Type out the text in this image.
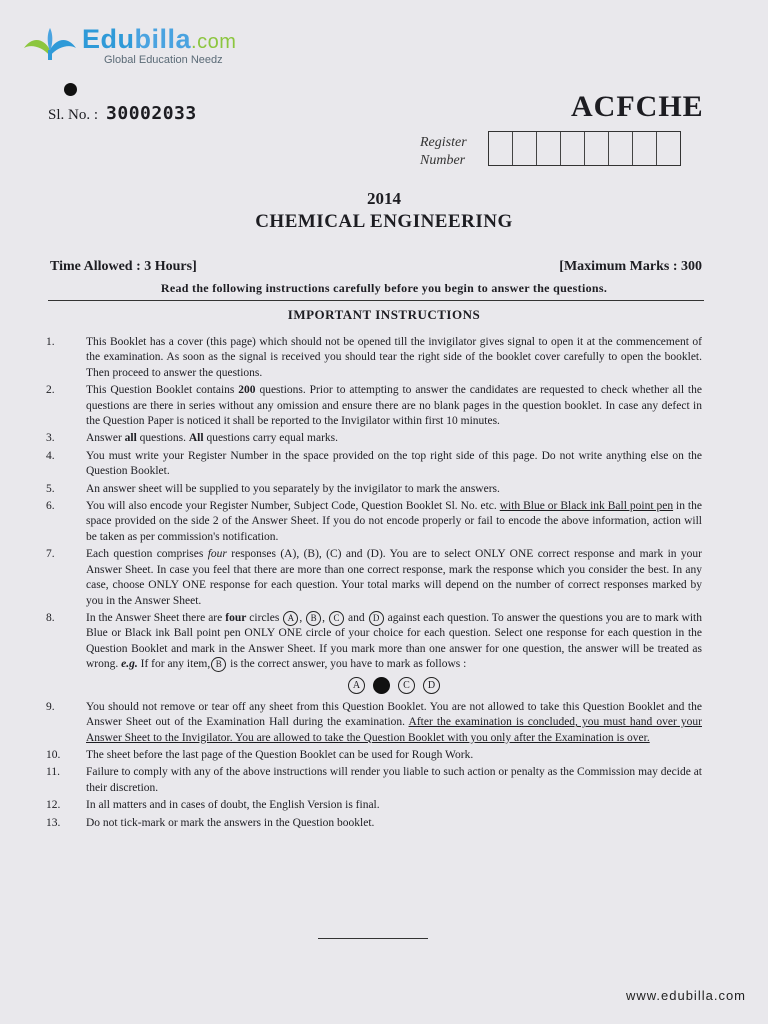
Edubilla.com
Global Education Needz
Sl. No. : 30002033	ACFCHE
Register
Number
2014
CHEMICAL ENGINEERING
Time Allowed : 3 Hours]	[Maximum Marks : 300
Read the following instructions carefully before you begin to answer the questions.
IMPORTANT INSTRUCTIONS
1.	This Booklet has a cover (this page) which should not be opened till the invigilator gives signal to open it at the commencement of the examination. As soon as the signal is received you should tear the right side of the booklet cover carefully to open the booklet. Then proceed to answer the questions.
2.	This Question Booklet contains 200 questions. Prior to attempting to answer the candidates are requested to check whether all the questions are there in series without any omission and ensure there are no blank pages in the question booklet. In case any defect in the Question Paper is noticed it shall be reported to the Invigilator within first 10 minutes.
3.	Answer all questions. All questions carry equal marks.
4.	You must write your Register Number in the space provided on the top right side of this page. Do not write anything else on the Question Booklet.
5.	An answer sheet will be supplied to you separately by the invigilator to mark the answers.
6.	You will also encode your Register Number, Subject Code, Question Booklet Sl. No. etc. with Blue or Black ink Ball point pen in the space provided on the side 2 of the Answer Sheet. If you do not encode properly or fail to encode the above information, action will be taken as per commission's notification.
7.	Each question comprises four responses (A), (B), (C) and (D). You are to select ONLY ONE correct response and mark in your Answer Sheet. In case you feel that there are more than one correct response, mark the response which you consider the best. In any case, choose ONLY ONE response for each question. Your total marks will depend on the number of correct responses marked by you in the Answer Sheet.
8.	In the Answer Sheet there are four circles A , B , C and D against each question. To answer the questions you are to mark with Blue or Black ink Ball point pen ONLY ONE circle of your choice for each question. Select one response for each question in the Question Booklet and mark in the Answer Sheet. If you mark more than one answer for one question, the answer will be treated as wrong. e.g. If for any item, B is the correct answer, you have to mark as follows :
A	C	D
9.	You should not remove or tear off any sheet from this Question Booklet. You are not allowed to take this Question Booklet and the Answer Sheet out of the Examination Hall during the examination. After the examination is concluded, you must hand over your Answer Sheet to the Invigilator. You are allowed to take the Question Booklet with you only after the Examination is over.
10.	The sheet before the last page of the Question Booklet can be used for Rough Work.
11.	Failure to comply with any of the above instructions will render you liable to such action or penalty as the Commission may decide at their discretion.
12.	In all matters and in cases of doubt, the English Version is final.
13.	Do not tick-mark or mark the answers in the Question booklet.
www.edubilla.com
